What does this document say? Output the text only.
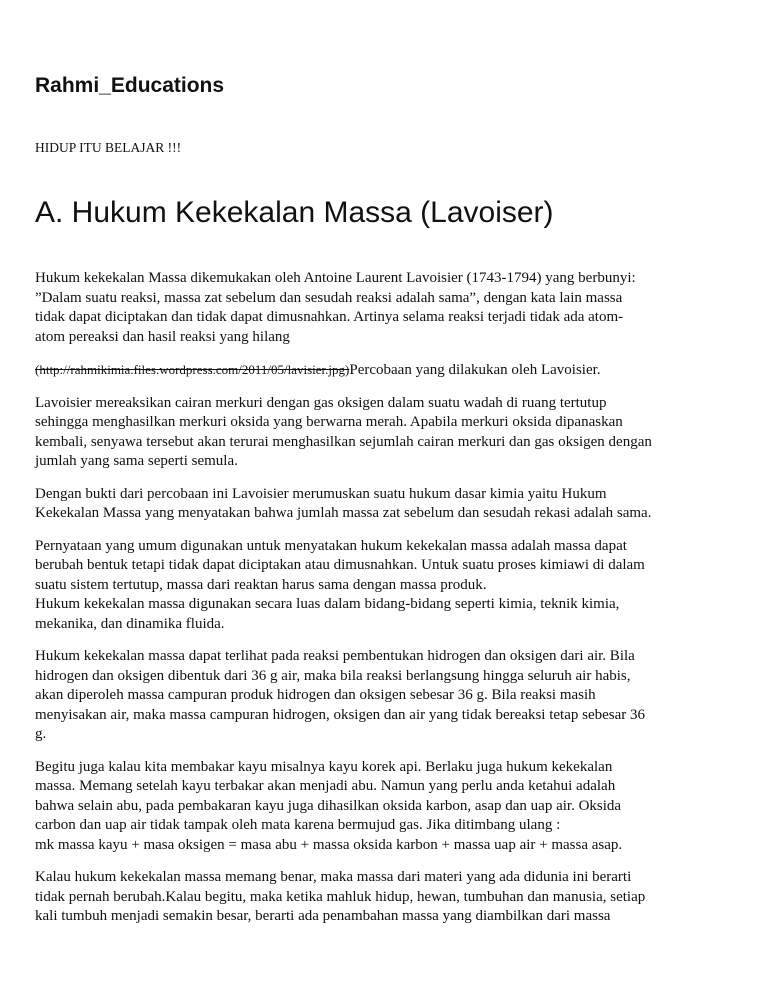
Rahmi_Educations

HIDUP ITU BELAJAR !!!

A. Hukum Kekekalan Massa (Lavoiser)

Hukum kekekalan Massa dikemukakan oleh Antoine Laurent Lavoisier (1743-1794) yang berbunyi:
”Dalam suatu reaksi, massa zat sebelum dan sesudah reaksi adalah sama”, dengan kata lain massa
tidak dapat diciptakan dan tidak dapat dimusnahkan. Artinya selama reaksi terjadi tidak ada atom-
atom pereaksi dan hasil reaksi yang hilang

(http://rahmikimia.files.wordpress.com/2011/05/lavisier.jpg)Percobaan yang dilakukan oleh Lavoisier.

Lavoisier mereaksikan cairan merkuri dengan gas oksigen dalam suatu wadah di ruang tertutup
sehingga menghasilkan merkuri oksida yang berwarna merah. Apabila merkuri oksida dipanaskan
kembali, senyawa tersebut akan terurai menghasilkan sejumlah cairan merkuri dan gas oksigen dengan
jumlah yang sama seperti semula.

Dengan bukti dari percobaan ini Lavoisier merumuskan suatu hukum dasar kimia yaitu Hukum
Kekekalan Massa yang menyatakan bahwa jumlah massa zat sebelum dan sesudah rekasi adalah sama.

Pernyataan yang umum digunakan untuk menyatakan hukum kekekalan massa adalah massa dapat
berubah bentuk tetapi tidak dapat diciptakan atau dimusnahkan. Untuk suatu proses kimiawi di dalam
suatu sistem tertutup, massa dari reaktan harus sama dengan massa produk.
Hukum kekekalan massa digunakan secara luas dalam bidang-bidang seperti kimia, teknik kimia,
mekanika, dan dinamika fluida.

Hukum kekekalan massa dapat terlihat pada reaksi pembentukan hidrogen dan oksigen dari air. Bila
hidrogen dan oksigen dibentuk dari 36 g air, maka bila reaksi berlangsung hingga seluruh air habis,
akan diperoleh massa campuran produk hidrogen dan oksigen sebesar 36 g. Bila reaksi masih
menyisakan air, maka massa campuran hidrogen, oksigen dan air yang tidak bereaksi tetap sebesar 36
g.

Begitu juga kalau kita membakar kayu misalnya kayu korek api. Berlaku juga hukum kekekalan
massa. Memang setelah kayu terbakar akan menjadi abu. Namun yang perlu anda ketahui adalah
bahwa selain abu, pada pembakaran kayu juga dihasilkan oksida karbon, asap dan uap air. Oksida
carbon dan uap air tidak tampak oleh mata karena bermujud gas. Jika ditimbang ulang :
mk massa kayu + masa oksigen = masa abu + massa oksida karbon + massa uap air + massa asap.

Kalau hukum kekekalan massa memang benar, maka massa dari materi yang ada didunia ini berarti
tidak pernah berubah.Kalau begitu, maka ketika mahluk hidup, hewan, tumbuhan dan manusia, setiap
kali tumbuh menjadi semakin besar, berarti ada penambahan massa yang diambilkan dari massa
